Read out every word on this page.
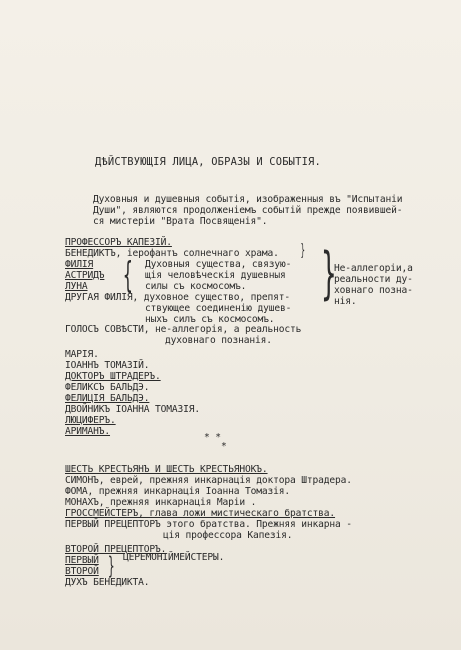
ДѢЙСТВУЮЩІЯ ЛИЦА, ОБРАЗЫ И СОБЫТІЯ.
Духовныя и душевныя событія, изображенныя въ "Испытаніи
Души", являются продолженіемъ событій прежде появившей-
ся мистеріи "Врата Посвященія".
ПРОФЕССОРЪ КАПЕЗІЙ.
БЕНЕДИКТЪ, іерофантъ солнечнаго храма. }
ФИЛІЯ
АСТРИДЪ
ЛУНА { Духовныя существа, связую-
щія человѣческія душевныя
силы съ космосомъ. }
Не-аллегоріи,а
реальности ду-
ховнаго позна-
нія.
ДРУГАЯ ФИЛІЯ, духовное существо, препят-
ствующее соединенію душев-
ныхъ силъ съ космосомъ.
ГОЛОСЪ СОВѢСТИ, не-аллегорія, а реальность
духовнаго познанія.
МАРІЯ.
ІОАННЪ ТОМАЗІЙ.
ДОКТОРЪ ШТРАДЕРЪ.
ФЕЛИКСЪ БАЛЬДЭ.
ФЕЛИЦІЯ БАЛЬДЭ.
ДВОЙНИКЪ ІОАННА ТОМАЗІЯ.
ЛЮЦИФЕРЪ.
АРИМАНЪ.
* *
*
ШЕСТЬ КРЕСТЬЯНЪ И ШЕСТЬ КРЕСТЬЯНОКЪ.
СИМОНЪ, еврей, прежняя инкарнація доктора Штрадера.
ФОМА, прежняя инкарнація Іоанна Томазія.
МОНАХЪ, прежняя инкарнація Маріи .
ГРОССМЕЙСТЕРЪ, глава ложи мистическаго братства.
ПЕРВЫЙ ПРЕЦЕПТОРЪ этого братства. Прежняя инкарна -
ція профессора Капезія.
ВТОРОЙ ПРЕЦЕПТОРЪ.
ПЕРВЫЙ
ВТОРОЙ } ЦЕРЕМОНІЙМЕЙСТЕРЫ.
ДУХЪ БЕНЕДИКТА.
